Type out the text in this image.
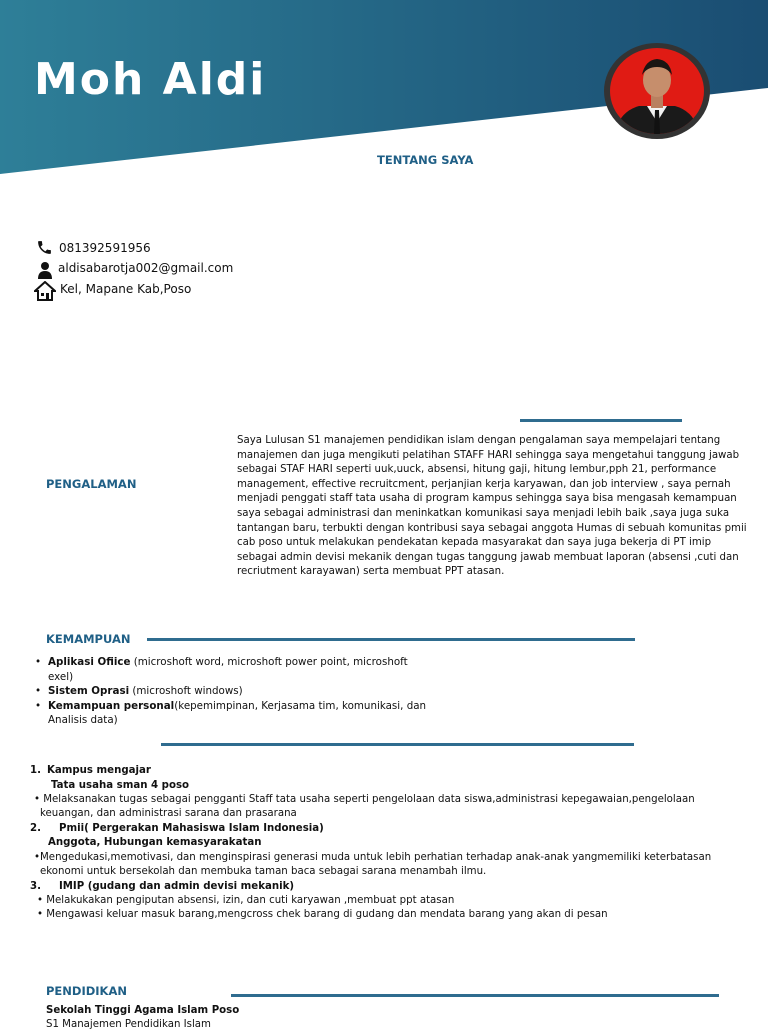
Moh Aldi
TENTANG SAYA
081392591956
aldisabarotja002@gmail.com
Kel, Mapane Kab,Poso
Saya Lulusan S1 manajemen pendidikan islam dengan pengalaman saya mempelajari tentang manajemen dan juga mengikuti pelatihan STAFF HARI sehingga saya mengetahui tanggung jawab sebagai STAF HARI seperti uuk,uuck, absensi, hitung gaji, hitung lembur,pph 21, performance management, effective recruitcment, perjanjian kerja karyawan, dan job interview , saya pernah menjadi penggati staff tata usaha di program kampus sehingga saya bisa mengasah kemampuan saya sebagai administrasi dan meninkatkan komunikasi saya menjadi lebih baik ,saya juga suka tantangan baru, terbukti dengan kontribusi saya sebagai anggota Humas di sebuah komunitas pmii cab poso untuk melakukan pendekatan kepada masyarakat dan saya juga bekerja di PT imip sebagai admin devisi mekanik dengan tugas tanggung jawab membuat laporan (absensi ,cuti dan recriutment karayawan) serta membuat PPT atasan.
PENGALAMAN
KEMAMPUAN
• Aplikasi Ofiice (microshoft word, microshoft power point, microshoft
exel)
• Sistem Oprasi (microshoft windows)
• Kemampuan personal(kepemimpinan, Kerjasama tim, komunikasi, dan
Analisis data)
1. Kampus mengajar
Tata usaha sman 4 poso
• Melaksanakan tugas sebagai pengganti Staff tata usaha seperti pengelolaan data siswa,administrasi kepegawaian,pengelolaan
keuangan, dan administrasi sarana dan prasarana
2. Pmii( Pergerakan Mahasiswa Islam Indonesia)
Anggota, Hubungan kemasyarakatan
•Mengedukasi,memotivasi, dan menginspirasi generasi muda untuk lebih perhatian terhadap anak-anak yangmemiliki keterbatasan
ekonomi untuk bersekolah dan membuka taman baca sebagai sarana menambah ilmu.
3. IMIP (gudang dan admin devisi mekanik)
• Melakukakan pengiputan absensi, izin, dan cuti karyawan ,membuat ppt atasan
• Mengawasi keluar masuk barang,mengcross chek barang di gudang dan mendata barang yang akan di pesan
PENDIDIKAN
Sekolah Tinggi Agama Islam Poso
S1 Manajemen Pendidikan Islam
